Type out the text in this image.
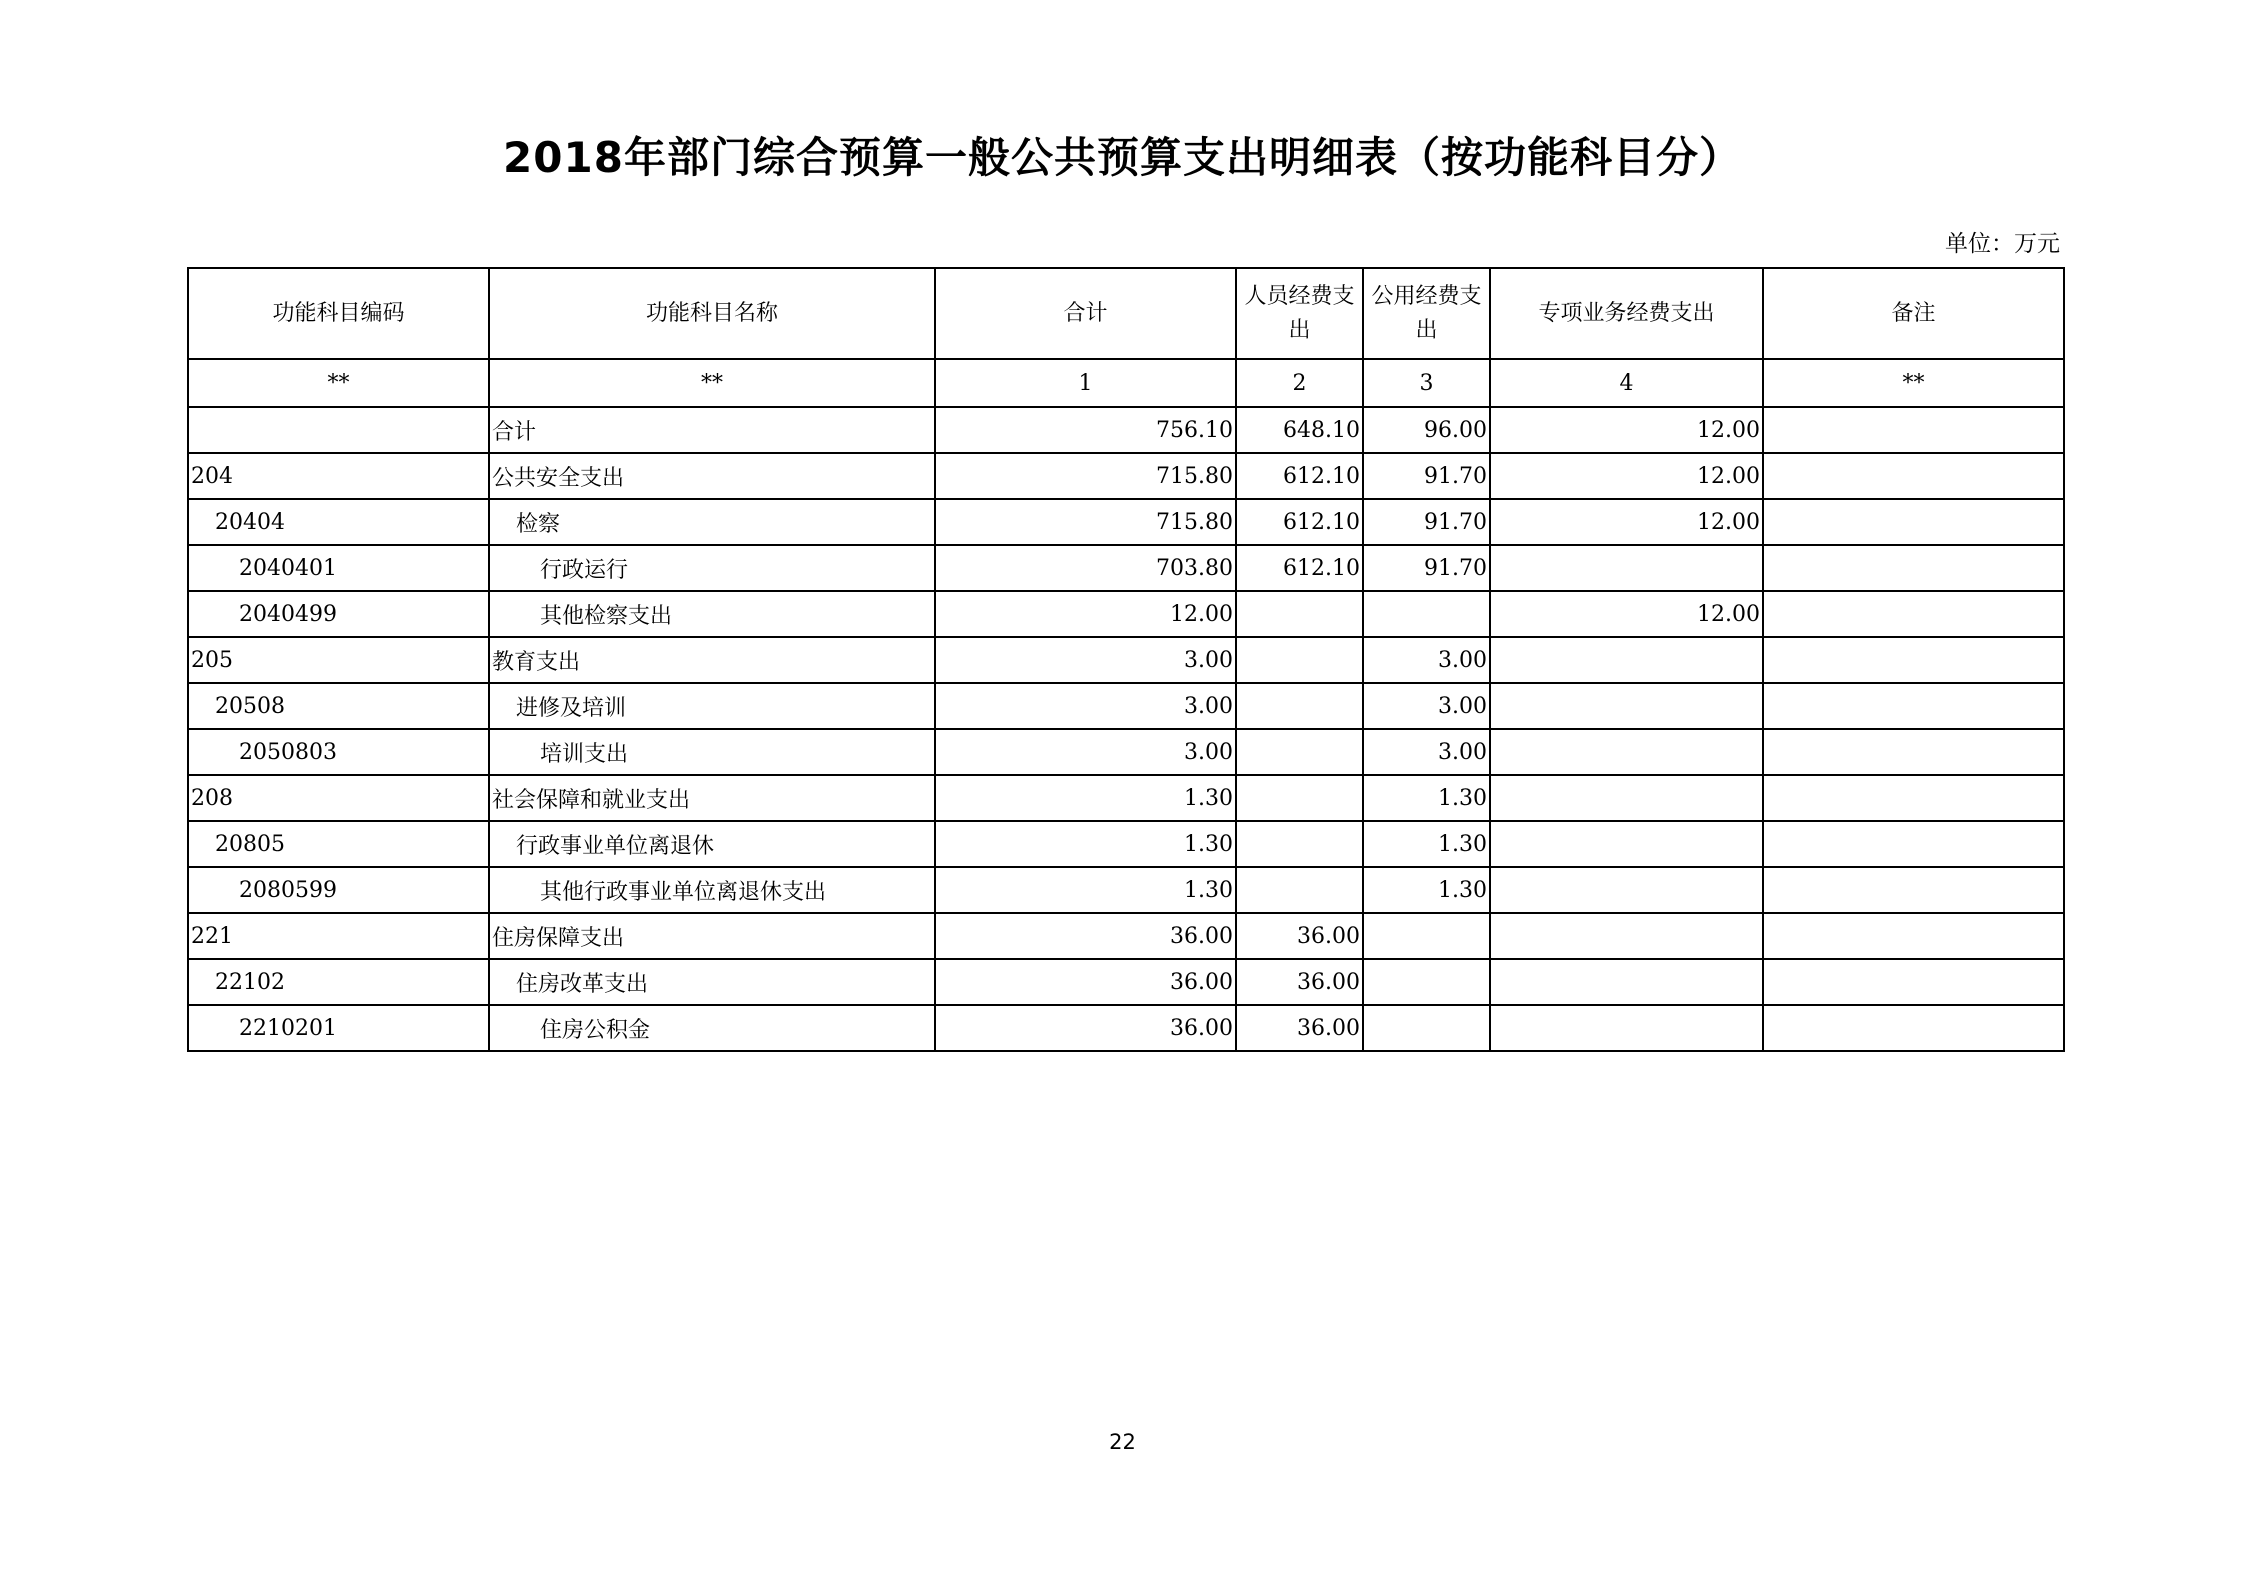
2018年部门综合预算一般公共预算支出明细表（按功能科目分）
单位：万元
功能科目编码	功能科目名称	合计	人员经费支出	公用经费支出	专项业务经费支出	备注
**	**	1	2	3	4	**
	合计	756.10	648.10	96.00	12.00	
204	公共安全支出	715.80	612.10	91.70	12.00	
20404	检察	715.80	612.10	91.70	12.00	
2040401	行政运行	703.80	612.10	91.70		
2040499	其他检察支出	12.00			12.00	
205	教育支出	3.00		3.00		
20508	进修及培训	3.00		3.00		
2050803	培训支出	3.00		3.00		
208	社会保障和就业支出	1.30		1.30		
20805	行政事业单位离退休	1.30		1.30		
2080599	其他行政事业单位离退休支出	1.30		1.30		
221	住房保障支出	36.00	36.00			
22102	住房改革支出	36.00	36.00			
2210201	住房公积金	36.00	36.00			
22
